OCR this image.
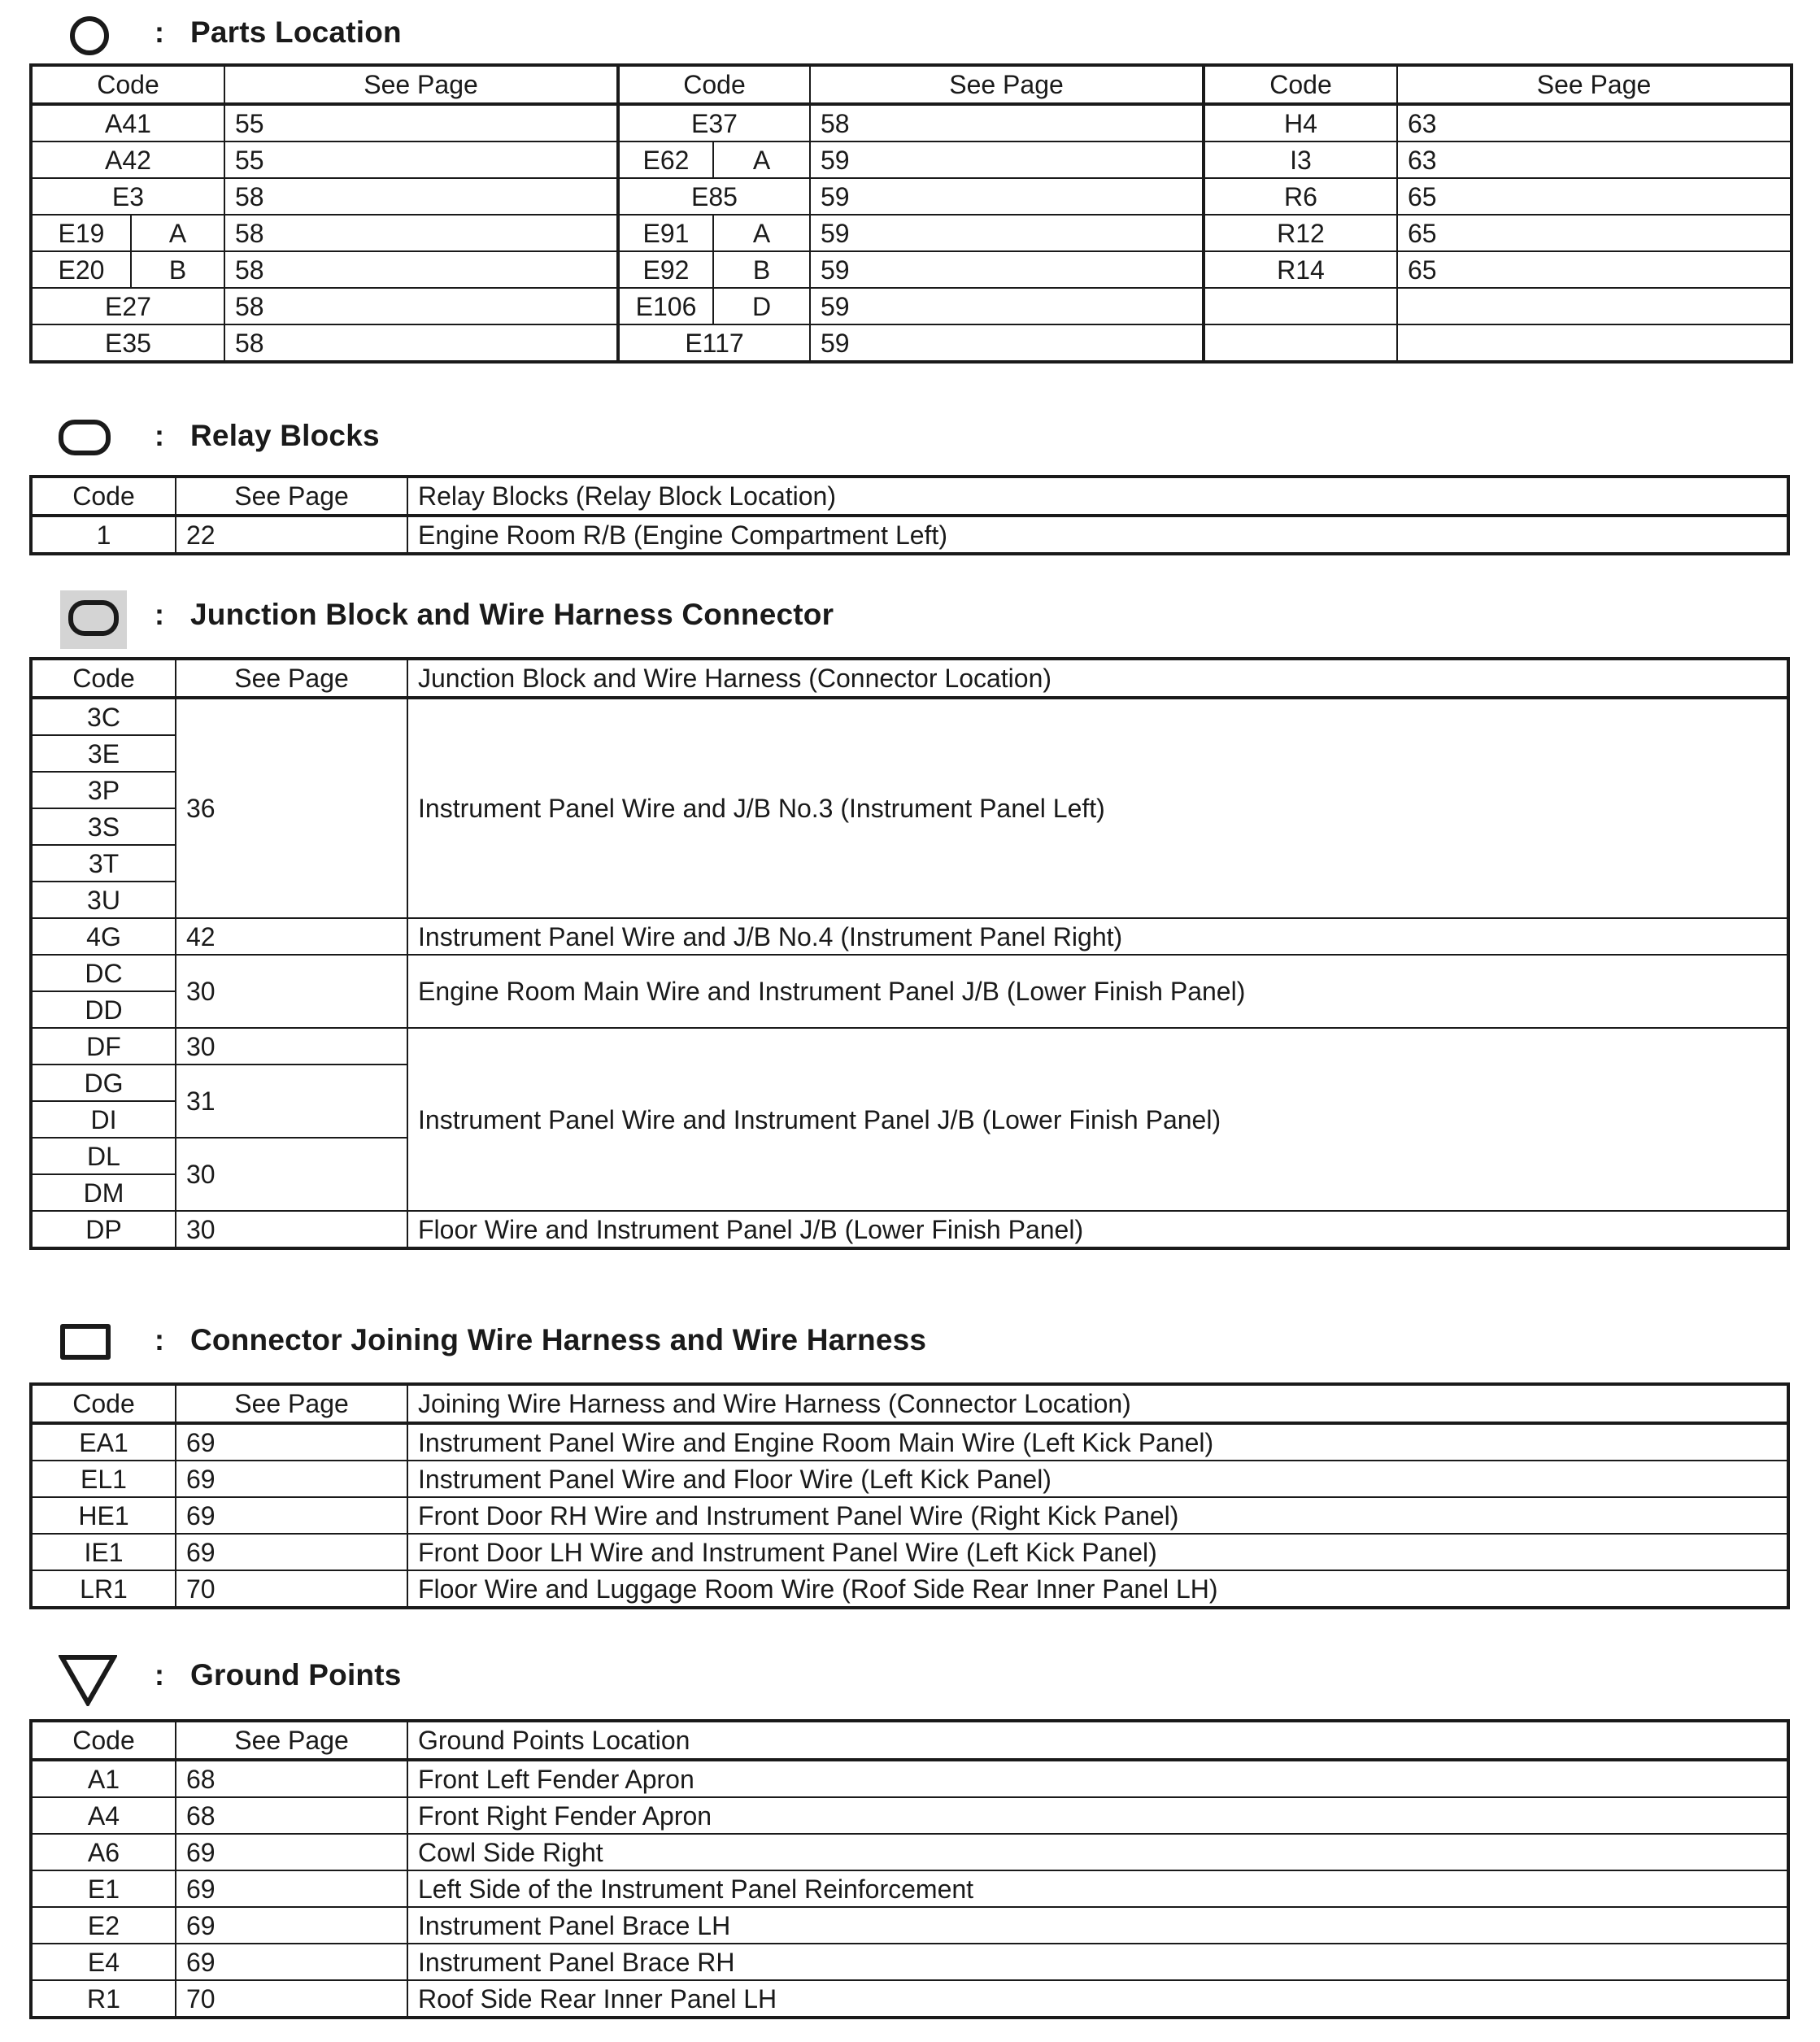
: Parts Location
Code		See Page	Code		See Page	Code	See Page
A41		55	E37		58	H4	63
A42		55	E62	A	59	I3	63
E3		58	E85		59	R6	65
E19	A	58	E91	A	59	R12	65
E20	B	58	E92	B	59	R14	65
E27		58	E106	D	59		
E35		58	E117		59		
: Relay Blocks
Code	See Page	Relay Blocks (Relay Block Location)
1	22	Engine Room R/B (Engine Compartment Left)
: Junction Block and Wire Harness Connector
Code	See Page	Junction Block and Wire Harness (Connector Location)
3C	36	Instrument Panel Wire and J/B No.3 (Instrument Panel Left)
3E		
3P		
3S		
3T		
3U		
4G	42	Instrument Panel Wire and J/B No.4 (Instrument Panel Right)
DC	30	Engine Room Main Wire and Instrument Panel J/B (Lower Finish Panel)
DD		
DF	30	Instrument Panel Wire and Instrument Panel J/B (Lower Finish Panel)
DG	31	
DI		
DL	30	
DM		
DP	30	Floor Wire and Instrument Panel J/B (Lower Finish Panel)
: Connector Joining Wire Harness and Wire Harness
Code	See Page	Joining Wire Harness and Wire Harness (Connector Location)
EA1	69	Instrument Panel Wire and Engine Room Main Wire (Left Kick Panel)
EL1	69	Instrument Panel Wire and Floor Wire (Left Kick Panel)
HE1	69	Front Door RH Wire and Instrument Panel Wire (Right Kick Panel)
IE1	69	Front Door LH Wire and Instrument Panel Wire (Left Kick Panel)
LR1	70	Floor Wire and Luggage Room Wire (Roof Side Rear Inner Panel LH)
: Ground Points
Code	See Page	Ground Points Location
A1	68	Front Left Fender Apron
A4	68	Front Right Fender Apron
A6	69	Cowl Side Right
E1	69	Left Side of the Instrument Panel Reinforcement
E2	69	Instrument Panel Brace LH
E4	69	Instrument Panel Brace RH
R1	70	Roof Side Rear Inner Panel LH
